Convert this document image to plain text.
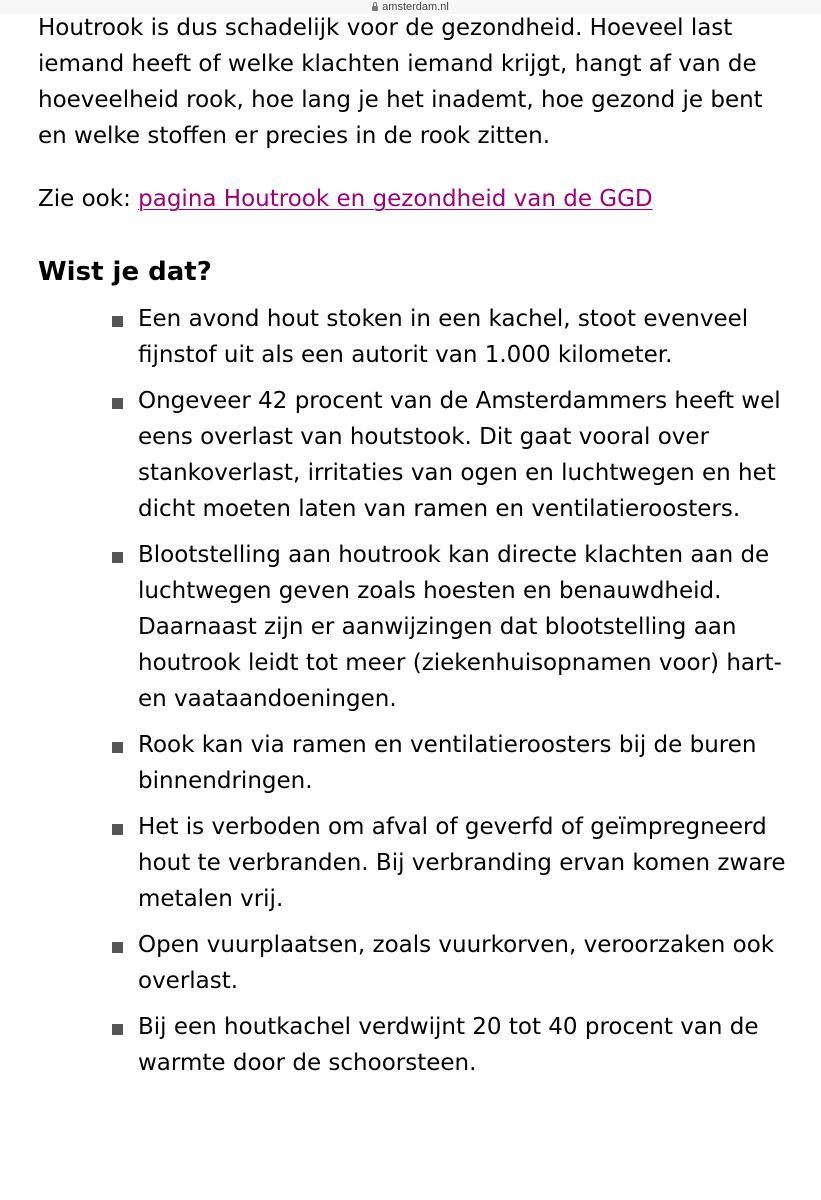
amsterdam.nl

Houtrook is dus schadelijk voor de gezondheid. Hoeveel last iemand heeft of welke klachten iemand krijgt, hangt af van de hoeveelheid rook, hoe lang je het inademt, hoe gezond je bent en welke stoffen er precies in de rook zitten.

Zie ook: pagina Houtrook en gezondheid van de GGD

Wist je dat?
Een avond hout stoken in een kachel, stoot evenveel fijnstof uit als een autorit van 1.000 kilometer.
Ongeveer 42 procent van de Amsterdammers heeft wel eens overlast van houtstook. Dit gaat vooral over stankoverlast, irritaties van ogen en luchtwegen en het dicht moeten laten van ramen en ventilatieroosters.
Blootstelling aan houtrook kan directe klachten aan de luchtwegen geven zoals hoesten en benauwdheid. Daarnaast zijn er aanwijzingen dat blootstelling aan houtrook leidt tot meer (ziekenhuisopnamen voor) hart- en vaataandoeningen.
Rook kan via ramen en ventilatieroosters bij de buren binnendringen.
Het is verboden om afval of geverfd of geïmpregneerd hout te verbranden. Bij verbranding ervan komen zware metalen vrij.
Open vuurplaatsen, zoals vuurkorven, veroorzaken ook overlast.
Bij een houtkachel verdwijnt 20 tot 40 procent van de warmte door de schoorsteen.
